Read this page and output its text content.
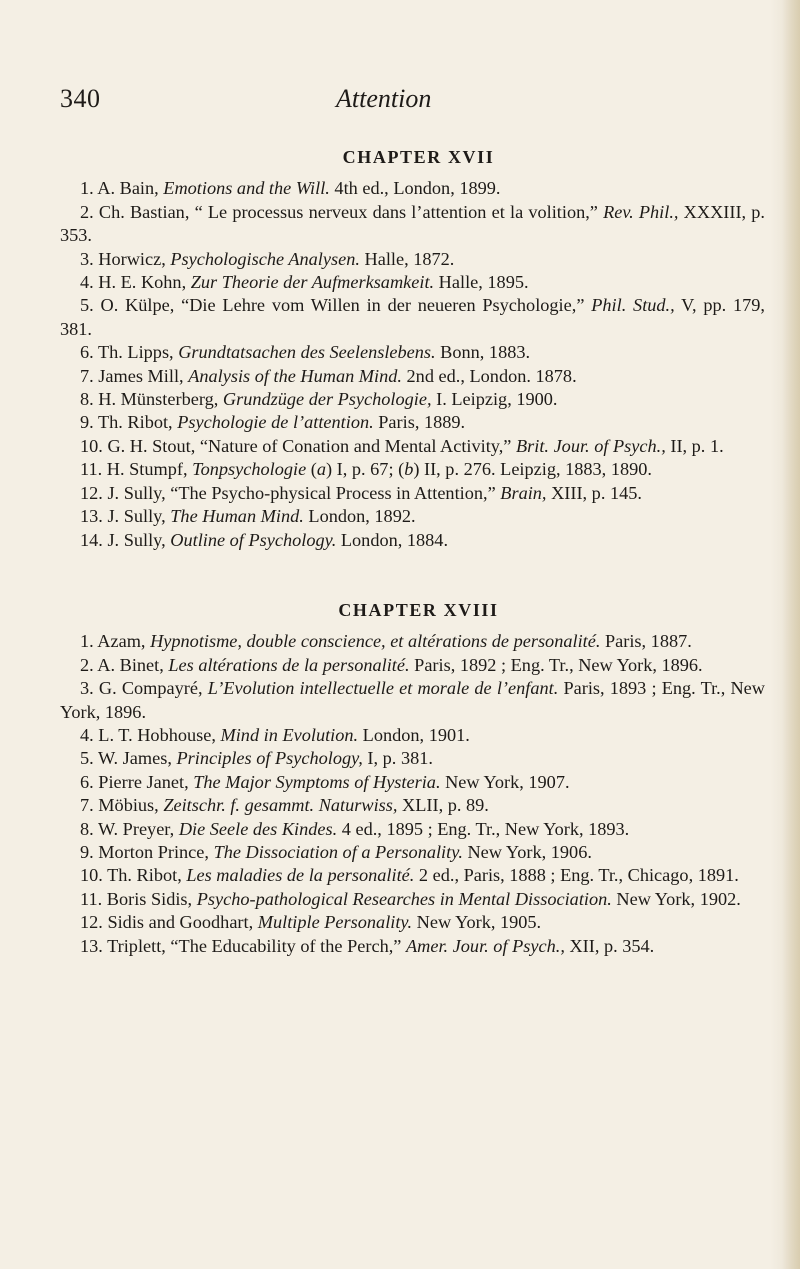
340	Attention
CHAPTER XVII
1. A. Bain, Emotions and the Will. 4th ed., London, 1899.
2. Ch. Bastian, “ Le processus nerveux dans l’attention et la volition,” Rev. Phil., XXXIII, p. 353.
3. Horwicz, Psychologische Analysen. Halle, 1872.
4. H. E. Kohn, Zur Theorie der Aufmerksamkeit. Halle, 1895.
5. O. Külpe, “Die Lehre vom Willen in der neueren Psychologie,” Phil. Stud., V, pp. 179, 381.
6. Th. Lipps, Grundtatsachen des Seelenslebens. Bonn, 1883.
7. James Mill, Analysis of the Human Mind. 2nd ed., London. 1878.
8. H. Münsterberg, Grundzüge der Psychologie, I. Leipzig, 1900.
9. Th. Ribot, Psychologie de l’attention. Paris, 1889.
10. G. H. Stout, “Nature of Conation and Mental Activity,” Brit. Jour. of Psych., II, p. 1.
11. H. Stumpf, Tonpsychologie (a) I, p. 67; (b) II, p. 276. Leipzig, 1883, 1890.
12. J. Sully, “The Psycho-physical Process in Attention,” Brain, XIII, p. 145.
13. J. Sully, The Human Mind. London, 1892.
14. J. Sully, Outline of Psychology. London, 1884.
CHAPTER XVIII
1. Azam, Hypnotisme, double conscience, et altérations de personalité. Paris, 1887.
2. A. Binet, Les altérations de la personalité. Paris, 1892 ; Eng. Tr., New York, 1896.
3. G. Compayré, L’Evolution intellectuelle et morale de l’enfant. Paris, 1893 ; Eng. Tr., New York, 1896.
4. L. T. Hobhouse, Mind in Evolution. London, 1901.
5. W. James, Principles of Psychology, I, p. 381.
6. Pierre Janet, The Major Symptoms of Hysteria. New York, 1907.
7. Möbius, Zeitschr. f. gesammt. Naturwiss, XLII, p. 89.
8. W. Preyer, Die Seele des Kindes. 4 ed., 1895 ; Eng. Tr., New York, 1893.
9. Morton Prince, The Dissociation of a Personality. New York, 1906.
10. Th. Ribot, Les maladies de la personalité. 2 ed., Paris, 1888 ; Eng. Tr., Chicago, 1891.
11. Boris Sidis, Psycho-pathological Researches in Mental Dissociation. New York, 1902.
12. Sidis and Goodhart, Multiple Personality. New York, 1905.
13. Triplett, “The Educability of the Perch,” Amer. Jour. of Psych., XII, p. 354.
